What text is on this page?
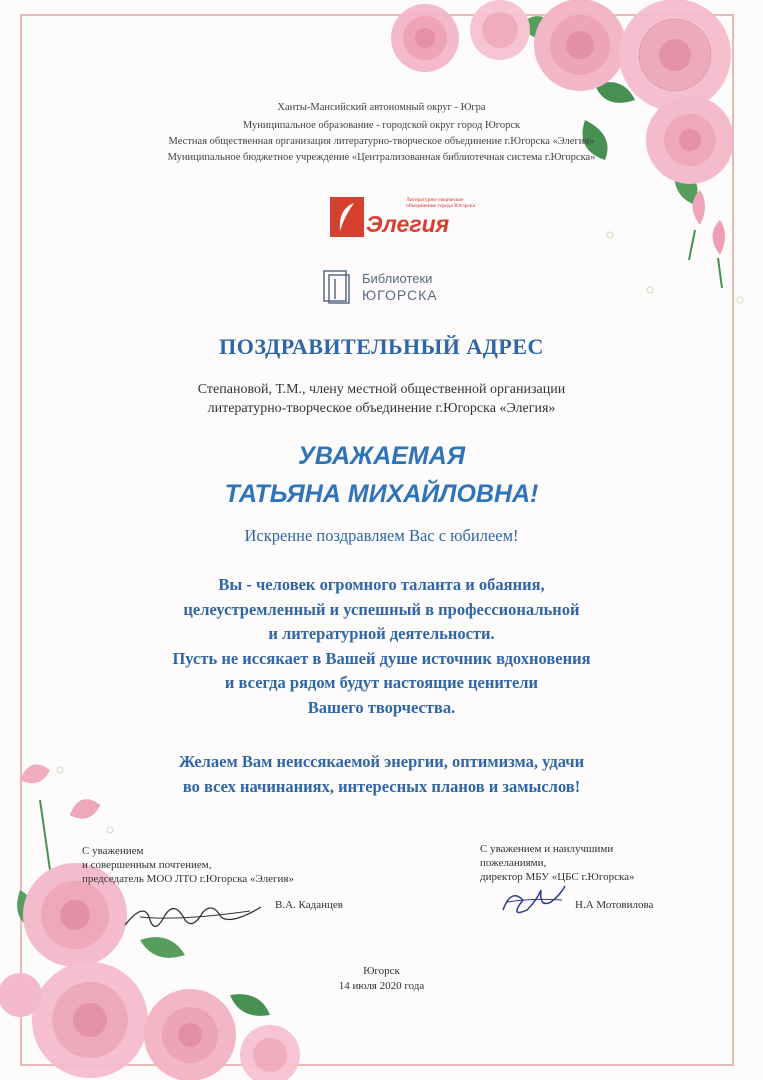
Ханты-Мансийский автономный округ - Югра
Муниципальное образование - городской округ город Югорск
Местная общественная организация литературно-творческое объединение г.Югорска «Элегия»
Муниципальное бюджетное учреждение «Централизованная библиотечная система г.Югорска»
Литературно-творческое объединение города Югорска
Элегия
Библиотеки
ЮГОРСКА
ПОЗДРАВИТЕЛЬНЫЙ АДРЕС
Степановой, Т.М., члену местной общественной организации
литературно-творческое объединение г.Югорска «Элегия»
УВАЖАЕМАЯ
ТАТЬЯНА МИХАЙЛОВНА!
Искренне поздравляем Вас с юбилеем!
Вы - человек огромного таланта и обаяния,
целеустремленный и успешный в профессиональной
и литературной деятельности.
Пусть не иссякает в Вашей душе источник вдохновения
и всегда рядом будут настоящие ценители
Вашего творчества.
Желаем Вам неиссякаемой энергии, оптимизма, удачи
во всех начинаниях, интересных планов и замыслов!
С уважением
и совершенным почтением,
председатель МОО ЛТО г.Югорска «Элегия»
В.А. Каданцев
С уважением и наилучшими
пожеланиями,
директор МБУ «ЦБС г.Югорска»
Н.А Мотовилова
Югорск
14 июля 2020 года
